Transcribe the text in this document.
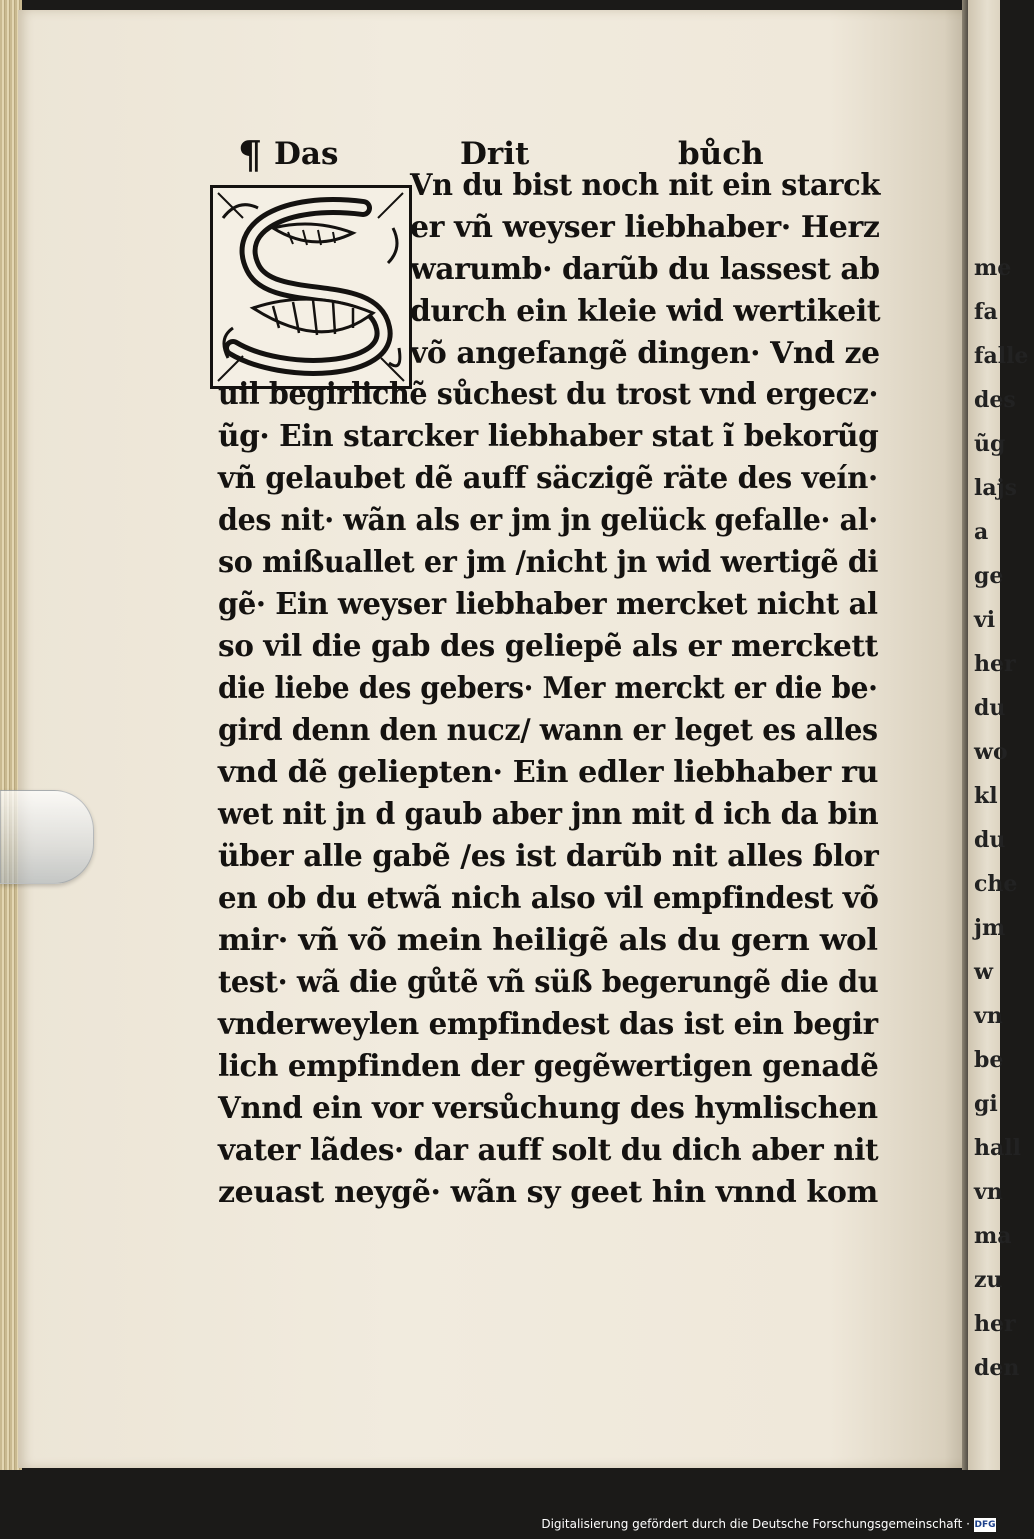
me
fa
falle
des
ũg
lajs
a
ge
vi
her
du
wo
kl
du
che
jm
w
vn
be
gi
hall
vn
ma
zu
her
den
¶ Das	Drit	bůch
Vn du bist noch nit ein starck
er vñ weyser liebhaber· Herz
warumb· darũb du lassest ab
durch ein kleie wid wertikeit
võ angefangẽ dingen· Vnd ze
uil begirlichẽ sůchest du trost vnd ergecz·
ũg· Ein starcker liebhaber stat ĩ bekorũg
vñ gelaubet dẽ auff säczigẽ räte des veín·
des nit· wãn als er jm jn gelück gefalle· al·
so mißuallet er jm /nicht jn wid wertigẽ di
gẽ· Ein weyser liebhaber mercket nicht al
so vil die gab des geliepẽ als er merckett
die liebe des gebers· Mer merckt er die be·
gird denn den nucz/ wann er leget es alles
vnd dẽ geliepten· Ein edler liebhaber ru
wet nit jn d gaub aber jnn mit d ich da bin
über alle gabẽ /es ist darũb nit alles ɓlor
en ob du etwã nich also vil empfindest võ
mir· vñ võ mein heiligẽ als du gern wol
test· wã die gůtẽ vñ süß begerungẽ die du
vnderweylen empfindest das ist ein begir
lich empfinden der gegẽwertigen genadẽ
Vnnd ein vor versůchung des hymlischen
vater lãdes· dar auff solt du dich aber nit
zeuast neygẽ· wãn sy geet hin vnnd kom
Digitalisierung gefördert durch die Deutsche Forschungsgemeinschaft · DFG
